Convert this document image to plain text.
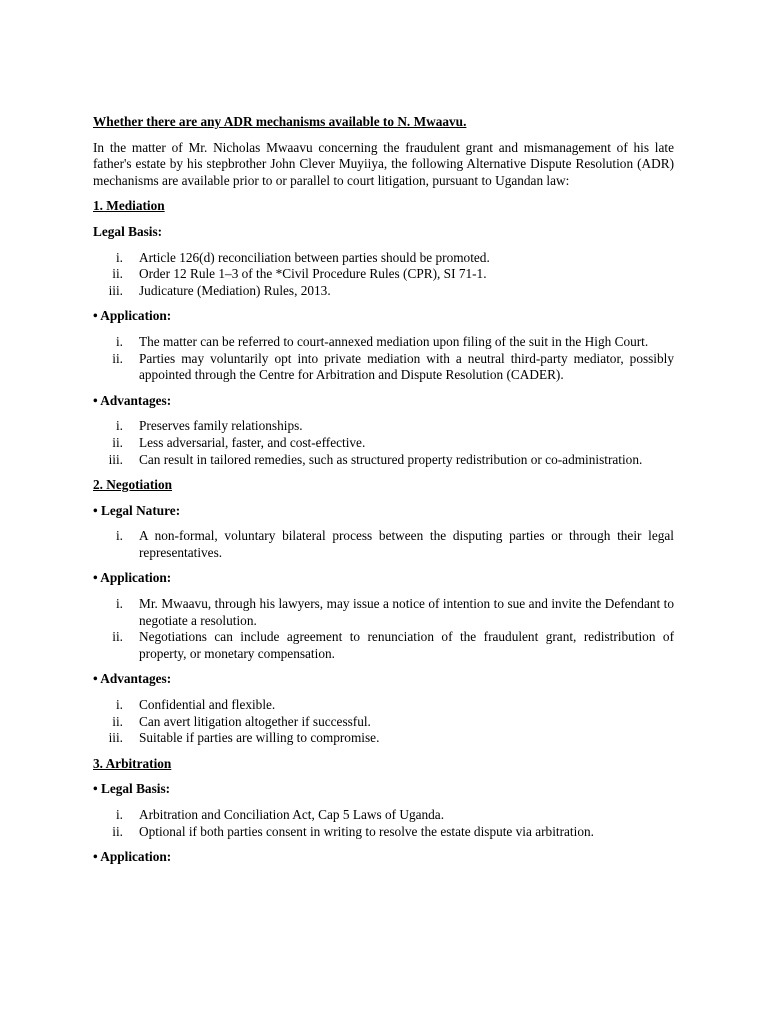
Whether there are any ADR mechanisms available to N. Mwaavu.

In the matter of Mr. Nicholas Mwaavu concerning the fraudulent grant and mismanagement of his late father's estate by his stepbrother John Clever Muyiiya, the following Alternative Dispute Resolution (ADR) mechanisms are available prior to or parallel to court litigation, pursuant to Ugandan law:

1. Mediation

Legal Basis:

i. Article 126(d) reconciliation between parties should be promoted.
ii. Order 12 Rule 1–3 of the *Civil Procedure Rules (CPR), SI 71-1.
iii. Judicature (Mediation) Rules, 2013.

• Application:

i. The matter can be referred to court-annexed mediation upon filing of the suit in the High Court.
ii. Parties may voluntarily opt into private mediation with a neutral third-party mediator, possibly appointed through the Centre for Arbitration and Dispute Resolution (CADER).

• Advantages:

i. Preserves family relationships.
ii. Less adversarial, faster, and cost-effective.
iii. Can result in tailored remedies, such as structured property redistribution or co-administration.

2. Negotiation

• Legal Nature:

i. A non-formal, voluntary bilateral process between the disputing parties or through their legal representatives.

• Application:

i. Mr. Mwaavu, through his lawyers, may issue a notice of intention to sue and invite the Defendant to negotiate a resolution.
ii. Negotiations can include agreement to renunciation of the fraudulent grant, redistribution of property, or monetary compensation.

• Advantages:

i. Confidential and flexible.
ii. Can avert litigation altogether if successful.
iii. Suitable if parties are willing to compromise.

3. Arbitration

• Legal Basis:

i. Arbitration and Conciliation Act, Cap 5 Laws of Uganda.
ii. Optional if both parties consent in writing to resolve the estate dispute via arbitration.

• Application:
